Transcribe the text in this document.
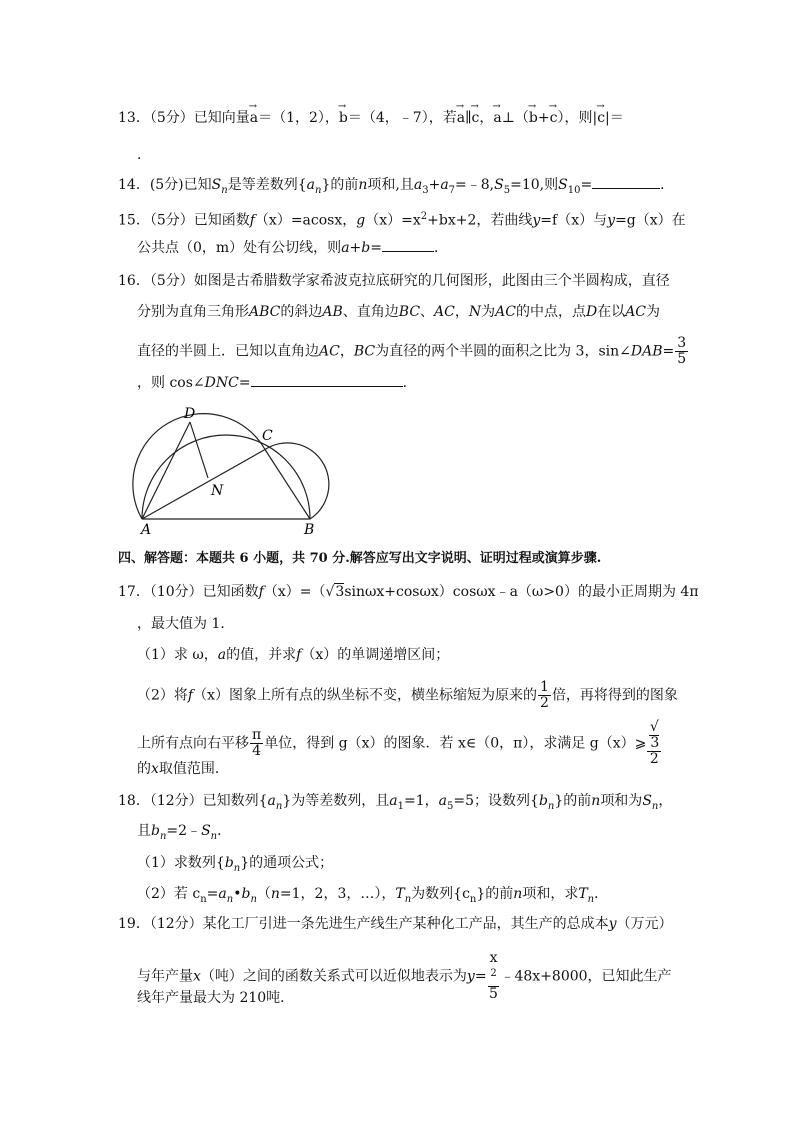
13．（5分）已知向量→ a＝（1，2），→ b＝（4，﹣7），若→ a∥→ c，→ a⊥（→ b+→ c），则|→ c|＝
．
14．(5分)已知$S_n$是等差数列$\{a_n\}$的前n项和,且$a_3+a_7=﹣8,S_5=10$,则$S_{10}=$	．
15．（5分）已知函数f（x）=acosx，$g(x)=x^2+bx+2$，若曲线y=f（x）与y=g（x）在
公共点（0，m）处有公切线，则a+b=	．
16．（5分）如图是古希腊数学家希波克拉底研究的几何图形，此图由三个半圆构成，直径
分别为直角三角形ABC的斜边AB、直角边BC、AC，N为AC的中点，点D在以AC为
直径的半圆上．已知以直角边AC，BC为直径的两个半圆的面积之比为 3，sin∠DAB= $\frac{3}{5}$
，则 cos∠DNC=	．
D
C
N
A	B
四、解答题：本题共 6 小题，共 70 分.解答应写出文字说明、证明过程或演算步骤.
17．（10分）已知函数f（x）=（√3sinωx+cosωx）cosωx﹣a（ω>0）的最小正周期为 4π
，最大值为 1．
（1）求 ω，a的值，并求f（x）的单调递增区间；
（2）将f（x）图象上所有点的纵坐标不变，横坐标缩短为原来的 $\frac{1}{2}$ 倍，再将得到的图象
上所有点向右平移 $\frac{\pi}{4}$ 单位，得到 g（x）的图象．若 x∈（0，π），求满足 g（x）⩾ √
3
2
的x取值范围．
18．（12分）已知数列$\{a_n\}$为等差数列，且$a_1=1$，$a_5=5$；设数列$\{b_n\}$的前n项和为$S_n$，
且$b_n=2﹣S_n$．
（1）求数列$\{b_n\}$的通项公式；
（2）若 $c_n=a_n•b_n(n=1$，2，3，…），$T_n$为数列$\{c_n\}$的前n项和，求$T_n$．
19．（12分）某化工厂引进一条先进生产线生产某种化工产品，其生产的总成本y（万元）
与年产量x（吨）之间的函数关系式可以近似地表示为y= x
$^2$
5 ﹣48x+8000，已知此生产
线年产量最大为 210吨．
